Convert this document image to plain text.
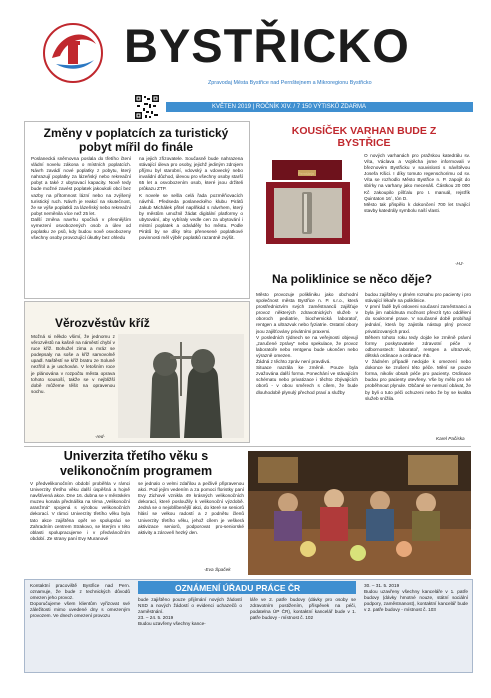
BYSTŘICKO
Zpravodaj Města Bystřice nad Pernštejnem a Mikroregionu Bystřicko
KVĚTEN 2019 | ROČNÍK XIV. / 7 150 VÝTISKŮ ZDARMA
Změny v poplatcích za turistický pobyt mířil do finále
Poslanecká sněmovna poslala do třetího čtení vládní novelu zákona o místních poplatcích. Návrh zavádí nové poplatky z pobytu, který nahrazují poplatky za lázeňský nebo rekreační pobyt a také z ubytovací kapacity. Nově tedy bude možné zavést poplatek jakoukoli obcí bez vazby na přítomnost lázní nebo na zvýšený turistický ruch. Návrh je reakcí na skutečnost, že se výše poplatků za lázeňský nebo rekreační pobyt neměnila více než 25 let.
Další změna navrhu spočívá v přesnějším vymezení osvobozených osob a úlev od poplatku ze psů, kdy budou nově osvobozeny všechny osoby provozující úkutky bez ohledu
na jejich zřizovatele. Současně bude nahrazena stávající úleva pro osoby, jejichž jediným zdrojem příjmu byl starobní, vdovský a vdovecký nebo invalidní důchod, úlevou pro všechny osoby starší 65 let a osvobozením osob, které jsou držiteli průkazu ZTP.
K novele se sešla celá řada pozměňovacích návrhů. Předseda poslaneckého klubu Pirátů Jakub Michálek přitel naplňkád s návrhem, který by městům umožnil žádat digitální platformy o ubytování, aby vybíraly vedle cen za ubytování i místní poplatek a odváděly ho městu. Podle Pirátů by se díky této přenesené poplatkové povinnosti měl výběr poplatků razantně zvýšit.
Věrozvěstův kříž
Možná si někdo všimí, že jednomu z věrozvěstů na kašně na náměstí chybí v ruce kříž. Bohužel zima a mráz se podepsaly na soše a kříž samovolně upadl. Naštěstí se kříž bratru ze Soluně nezřítil a je uschován. V letošním roce je plánována v rozpočtu města oprava tohoto sousoší, takže se v nejbližší době můžeme těšit na opravenou sochu.
-red-
Pernštejn
KOUSÍČEK VARHAN BUDE Z BYSTŘICE
O nových varhanách pro pražskou katedrálu sv. Víta, Václava a Vojtěcha jsme informovali v březnovém Bystřicku v souvislosti s návštěvou Josefa Kšici. I díky tomuto regenschorimu od sv. Víta se rozhodlo Město Bystřice n. P. zapojit do sbírky na varhany jako mecenáš. Částkou 20 000 Kč zakoupilo píšťalu pro I. manuál, rejstřík Quintaton 16´, tón D.
Město tak přispělo k dokončení 700 let trvající stavby katedrály symbolu naší vlasti.
-HJ-
Na poliklinice se něco děje?
Město provozuje polikliniku jako obchodní společnost města Bystřice n. P. s.r.o., která prostřednictvím svých zaměstnanců zajišťuje provoz některých zdravotnických služeb v oboroch pediatrie, biochemická laboratoř, rentgen a ultrazvuk nebo fyziatrie. Ostatní obory jsou zajišťovány privátními praxemi.
V posledních týdnech se na veřejnosti objevují „zaručené zprávy“ nebo spekulace, že provoz laboratoře nebo rentgenu bude ukončen nebo výrazně omezen.
Žádná z těchto zpráv není pravdivá.
Situace nazrála ke změně. Pouze byla zvažována další forma. Ponechání ve stávajícím schématu nebo privatizace i těchto zbývajících oborů - v obou směrech s cílem, že bude dlouhodobě plynulý přechod praxí a služby
budou zajištěny v plném rozsahu pro pacienty i pro stávající lékaře na poliklinice.
V první řadě byli osloveni současní zaměstnanci a byla jim nabídnuta možnost převzít tyto oddělení do soukromé praxe. V současné době probíhají jednání, která by zajistila nástup plný provoz privatizovaných praxí.
Během tohoto roku tedy dojde ke změně právní formy poskytovatele zdravotní péče v odbornostech: laboratoř, rentgen a ultrazvuk, dětská ordinace a ordinace rhb.
V žádném případě nedojde k omezení nebo dokonce ke zrušení této péče. Mění se pouze forma, nikoliv obsah péče pro pacienty. Ordinace budou pro pacienty otevřeny. Vše by mělo pro ně proběhnout plynule. Občané se nemusí obávat, že by byli o tuto péči ochuzeni nebo že by se kvalita služeb snížila.
Karel Pačiska
Univerzita třetího věku s velikonočním programem
V předvelikonočním období proběhla v rámci Univerzity třetího věku další úspěšná a hojně navštívená akce. Dne 16. dubna se v městském muzeu konala přednáška na téma „Velikonoční aranžmá“ spojená s výrobou velikonočních dekorací. V rámci Univerzity třetího věku byla tato akce zajištěna opět ve spolupráci se Zahradním centrem Strakovo, se kterým v této oblasti spolupracujeme i v předvánočním období. Ze strany paní Evy Muranové
se jednalo o velmi zdařilou a pečlivě připravenou akci. Pod jejím vedením a za pomoci floristky paní Evy Zichové vznikla 49 krásných velikonočních dekorací, které posloužily k velikonoční výzdobě. Jedná se o nejoblíbenější akci, do které se seniorů hlásí se velkou radostí a z podnětu členů Univerzity třetího věku, jehož cílem je veškerá aktivizace seniorů, podporovat pro-seniorské aktivity a zároveň hezký den.
-Eva Špaček
Kontaktní pracoviště Bystřice nad Pern. oznamuje, že bude z technických důvodů omezen jeho provoz.
Doporučujeme všem klientům vyřizovat své záležitosti mimo uvedené dny s omezeným provozem. Ve dnech omezení provozu
OZNÁMENÍ ÚŘADU PRÁCE ČR
bude zajištěno pouze přijímání nových žádostí NSD a nových žádostí o evidenci uchazečů o zaměstnání.
23. – 24. 5. 2019
Budou uzavřeny všechny kance-
láře ve 2. patře budovy (dávky pro osoby se zdravotním postižením, příspěvek na péči, podatelna ÚP ČR), kontaktní kancelář bude v 1. patře budovy - místnost č. 102
30. – 31. 5. 2019
Budou uzavřeny všechny kanceláře v 1. patře budovy (dávky hmotné nouze, státní sociální podpory, zaměstnanost), kontaktní kancelář bude v 2. patře budovy - místnost č. 103
